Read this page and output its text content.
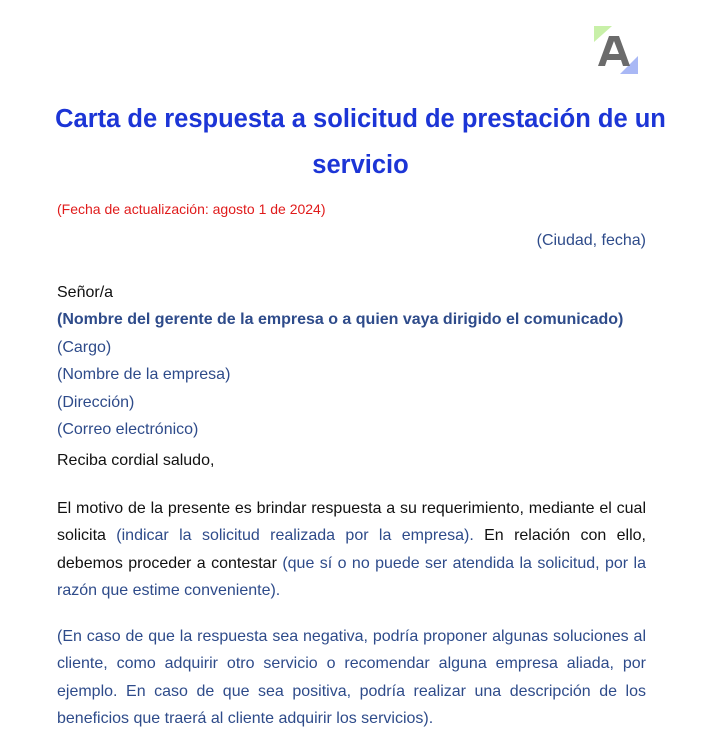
Carta de respuesta a solicitud de prestación de un servicio
(Fecha de actualización: agosto 1 de 2024)
(Ciudad, fecha)
Señor/a
(Nombre del gerente de la empresa o a quien vaya dirigido el comunicado)
(Cargo)
(Nombre de la empresa)
(Dirección)
(Correo electrónico)
Reciba cordial saludo,

El motivo de la presente es brindar respuesta a su requerimiento, mediante el cual solicita (indicar la solicitud realizada por la empresa). En relación con ello, debemos proceder a contestar (que sí o no puede ser atendida la solicitud, por la razón que estime conveniente).

(En caso de que la respuesta sea negativa, podría proponer algunas soluciones al cliente, como adquirir otro servicio o recomendar alguna empresa aliada, por ejemplo. En caso de que sea positiva, podría realizar una descripción de los beneficios que traerá al cliente adquirir los servicios).
